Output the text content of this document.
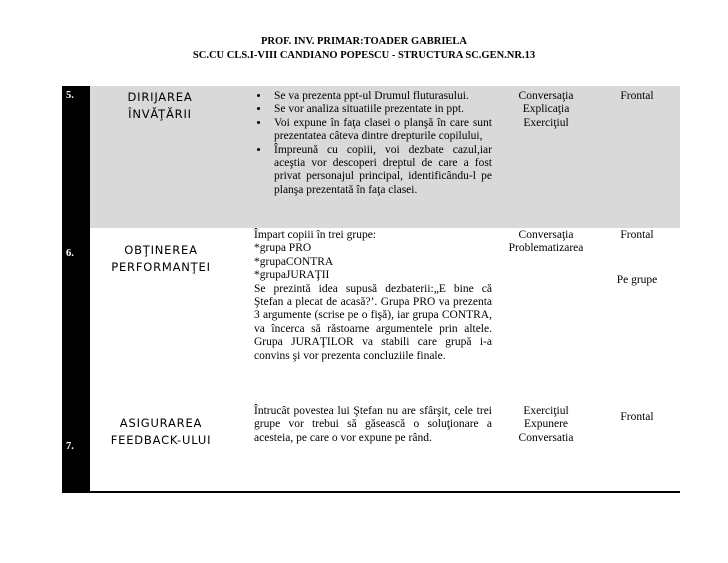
PROF. INV. PRIMAR:TOADER GABRIELA
SC.CU CLS.I-VIII CANDIANO POPESCU - STRUCTURA SC.GEN.NR.13
5.	DIRIJAREA
ÎNVĂŢĂRII
• Se va prezenta ppt-ul Drumul fluturasului.
• Se vor analiza situatiile prezentate in ppt.
• Voi expune în faţa clasei o planşă în care sunt prezentatea câteva dintre drepturile copilului,
• Împreună cu copiii, voi dezbate cazul,iar aceştia vor descoperi dreptul de care a fost privat personajul principal, identificându-l pe planşa prezentată în faţa clasei.
Conversaţia
Explicaţia
Exerciţiul
Frontal
6.	OBŢINEREA
PERFORMANŢEI

Împart copiii în trei grupe:

*grupa PRO

*grupaCONTRA

*grupaJURAŢII

Se prezintă idea supusă dezbaterii:„E bine că Ştefan a plecat de acasă?’. Grupa PRO va prezenta 3 argumente (scrise pe o fişă), iar grupa CONTRA, va încerca să răstoarne argumentele prin altele. Grupa JURAŢILOR va stabili care grupă i-a convins şi vor prezenta concluziile finale.

Conversaţia
Problematizarea
Frontal
Pe grupe
7.
ASIGURAREA
FEEDBACK-ULUI

Întrucât povestea lui Ştefan nu are sfârşit, cele trei grupe vor trebui să găsească o soluţionare a acesteia, pe care o vor expune pe rând.

Exerciţiul
Expunere
Conversatia
Frontal
